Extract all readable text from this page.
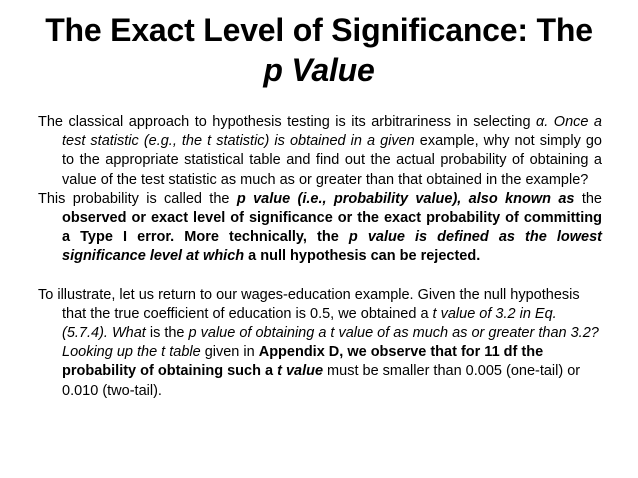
The Exact Level of Significance: The p Value

The classical approach to hypothesis testing is its arbitrariness in selecting α. Once a test statistic (e.g., the t statistic) is obtained in a given example, why not simply go to the appropriate statistical table and find out the actual probability of obtaining a value of the test statistic as much as or greater than that obtained in the example?

This probability is called the p value (i.e., probability value), also known as the observed or exact level of significance or the exact probability of committing a Type I error. More technically, the p value is defined as the lowest significance level at which a null hypothesis can be rejected.

To illustrate, let us return to our wages-education example. Given the null hypothesis that the true coefficient of education is 0.5, we obtained a t value of 3.2 in Eq. (5.7.4). What is the p value of obtaining a t value of as much as or greater than 3.2? Looking up the t table given in Appendix D, we observe that for 11 df the probability of obtaining such a t value must be smaller than 0.005 (one-tail) or 0.010 (two-tail).
